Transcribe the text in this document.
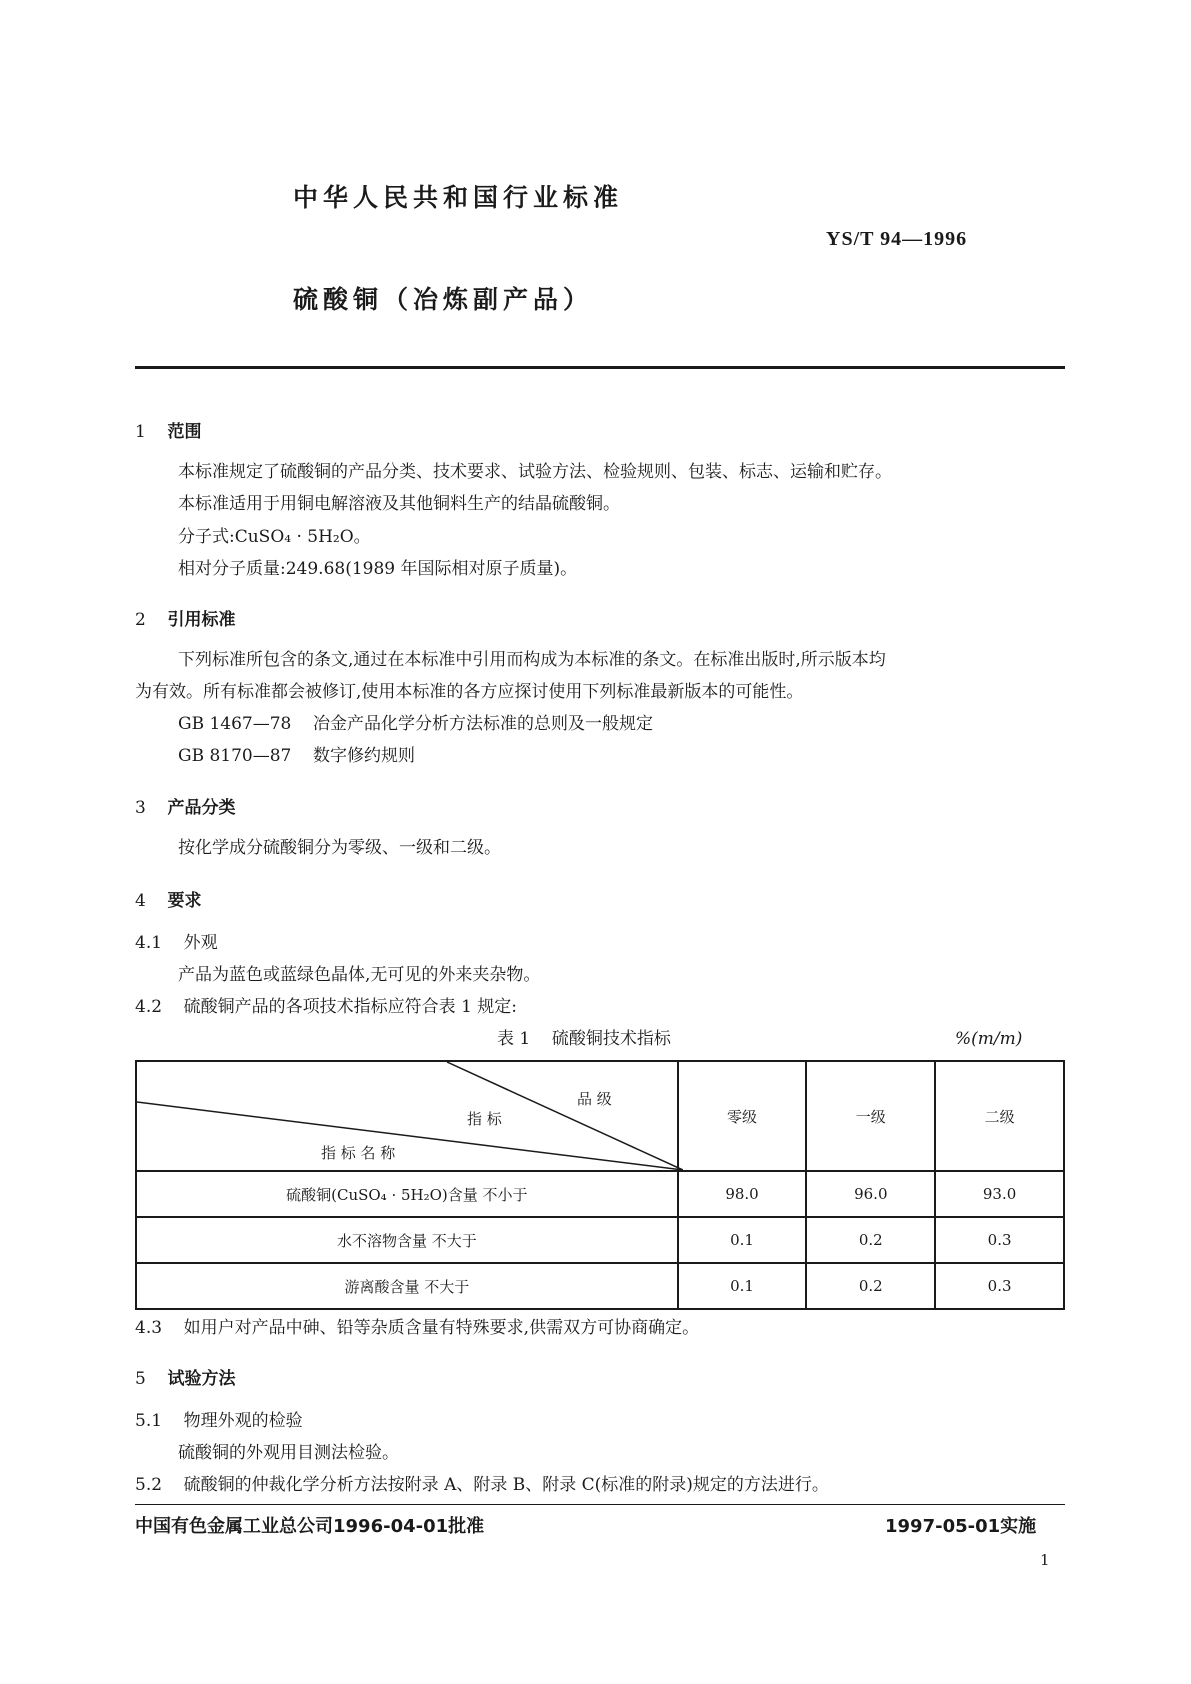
中华人民共和国行业标准
YS/T 94—1996
硫酸铜（冶炼副产品）
1 范围
本标准规定了硫酸铜的产品分类、技术要求、试验方法、检验规则、包装、标志、运输和贮存。
本标准适用于用铜电解溶液及其他铜料生产的结晶硫酸铜。
分子式:CuSO₄ · 5H₂O。
相对分子质量:249.68(1989 年国际相对原子质量)。
2 引用标准
下列标准所包含的条文,通过在本标准中引用而构成为本标准的条文。在标准出版时,所示版本均
为有效。所有标准都会被修订,使用本标准的各方应探讨使用下列标准最新版本的可能性。
GB 1467—78 冶金产品化学分析方法标准的总则及一般规定
GB 8170—87 数字修约规则
3 产品分类
按化学成分硫酸铜分为零级、一级和二级。
4 要求
4.1 外观
产品为蓝色或蓝绿色晶体,无可见的外来夹杂物。
4.2 硫酸铜产品的各项技术指标应符合表 1 规定:
表 1 硫酸铜技术指标	%(m/m)
品 级
指 标
指 标 名 称	零级	一级	二级
硫酸铜(CuSO₄ · 5H₂O)含量 不小于	98.0	96.0	93.0
水不溶物含量 不大于	0.1	0.2	0.3
游离酸含量 不大于	0.1	0.2	0.3
4.3 如用户对产品中砷、铅等杂质含量有特殊要求,供需双方可协商确定。
5 试验方法
5.1 物理外观的检验
硫酸铜的外观用目测法检验。
5.2 硫酸铜的仲裁化学分析方法按附录 A、附录 B、附录 C(标准的附录)规定的方法进行。
中国有色金属工业总公司1996-04-01批准	1997-05-01实施
1
